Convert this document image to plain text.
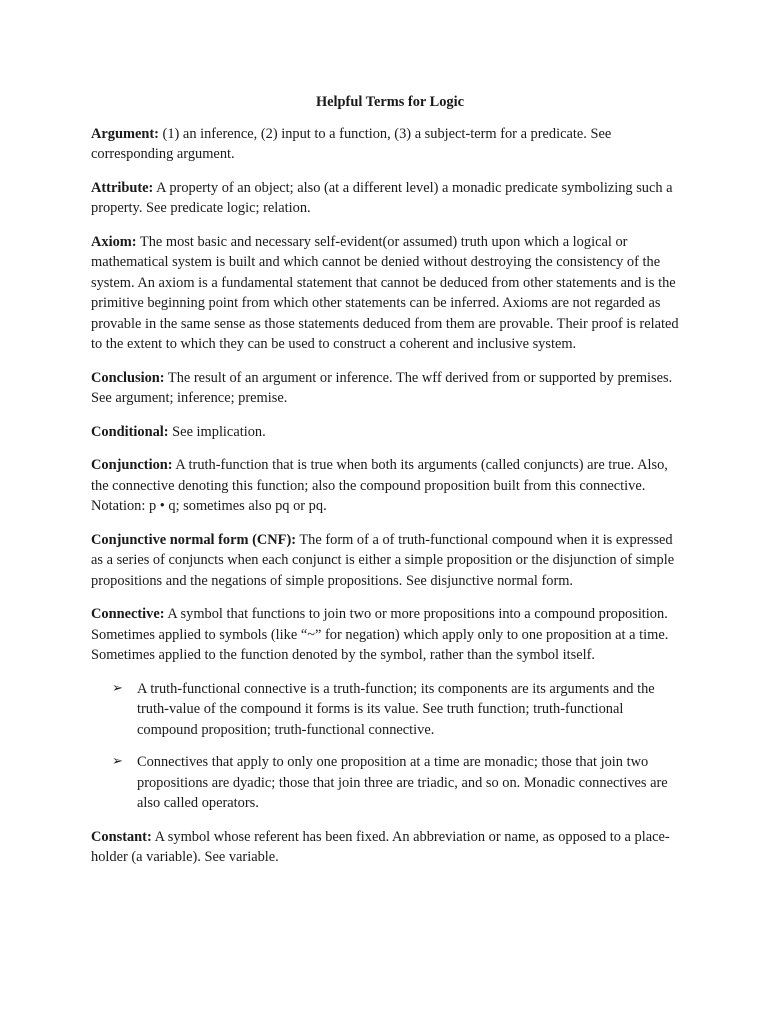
Helpful Terms for Logic

Argument: (1) an inference, (2) input to a function, (3) a subject-term for a predicate. See corresponding argument.

Attribute: A property of an object; also (at a different level) a monadic predicate symbolizing such a property. See predicate logic; relation.

Axiom: The most basic and necessary self-evident(or assumed) truth upon which a logical or mathematical system is built and which cannot be denied without destroying the consistency of the system. An axiom is a fundamental statement that cannot be deduced from other statements and is the primitive beginning point from which other statements can be inferred. Axioms are not regarded as provable in the same sense as those statements deduced from them are provable. Their proof is related to the extent to which they can be used to construct a coherent and inclusive system.

Conclusion: The result of an argument or inference. The wff derived from or supported by premises. See argument; inference; premise.

Conditional: See implication.

Conjunction: A truth-function that is true when both its arguments (called conjuncts) are true. Also, the connective denoting this function; also the compound proposition built from this connective. Notation: p • q; sometimes also pq or pq.

Conjunctive normal form (CNF): The form of a of truth-functional compound when it is expressed as a series of conjuncts when each conjunct is either a simple proposition or the disjunction of simple propositions and the negations of simple propositions. See disjunctive normal form.

Connective: A symbol that functions to join two or more propositions into a compound proposition. Sometimes applied to symbols (like “~” for negation) which apply only to one proposition at a time. Sometimes applied to the function denoted by the symbol, rather than the symbol itself.

➢ A truth-functional connective is a truth-function; its components are its arguments and the truth-value of the compound it forms is its value. See truth function; truth-functional compound proposition; truth-functional connective.
➢ Connectives that apply to only one proposition at a time are monadic; those that join two propositions are dyadic; those that join three are triadic, and so on. Monadic connectives are also called operators.

Constant: A symbol whose referent has been fixed. An abbreviation or name, as opposed to a place-holder (a variable). See variable.
